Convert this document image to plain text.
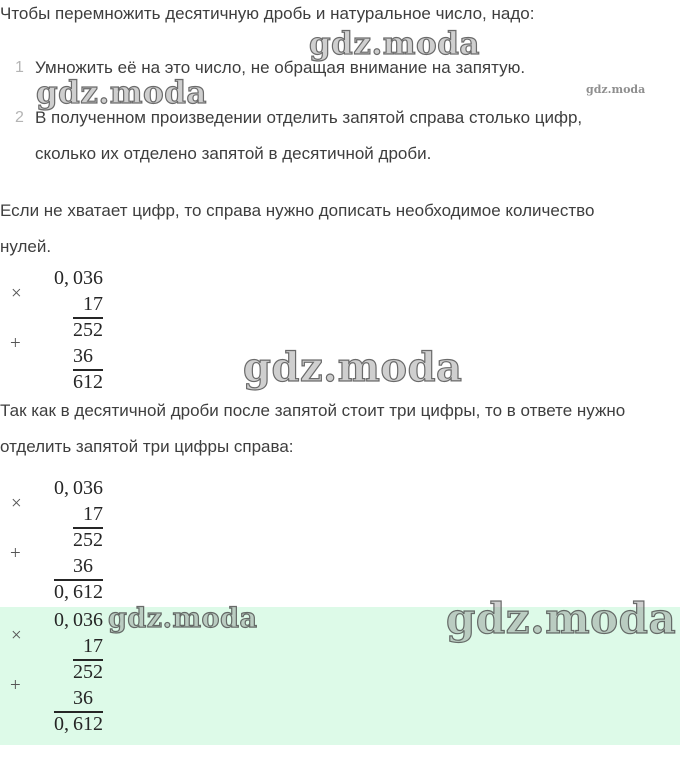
Чтобы перемножить десятичную дробь и натуральное число, надо:
1 Умножить её на это число, не обращая внимание на запятую.
2 В полученном произведении отделить запятой справа столько цифр,
сколько их отделено запятой в десятичной дроби.
Если не хватает цифр, то справа нужно дописать необходимое количество
нулей.
×
+
0, 036
17
252
36
612
Так как в десятичной дроби после запятой стоит три цифры, то в ответе нужно
отделить запятой три цифры справа:
×
+
0, 036
17
252
36
0, 612
×
+
0, 036
17
252
36
0, 612
gdz.moda
gdz.moda	gdz.moda
gdz.moda
gdz.moda	gdz.moda
